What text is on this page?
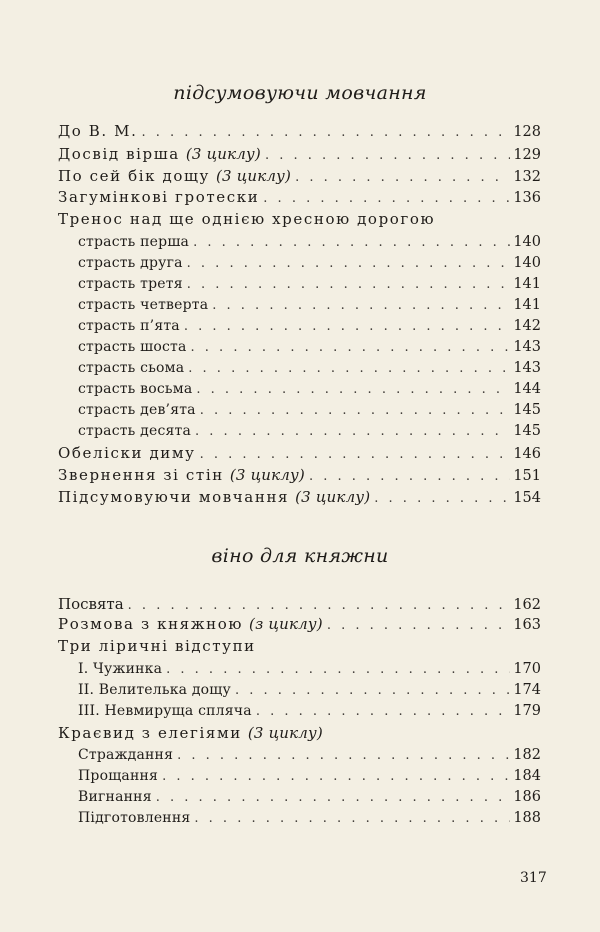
підсумовуючи мовчання
До В. М. . . .	128
Досвід вірша (3 циклу) . . .	129
По сей бік дощу (3 циклу) . . .	132
Загумінкові гротески . . .	136
Тренос над ще однією хресною дорогою
страсть перша . . .	140
страсть друга . . .	140
страсть третя . . .	141
страсть четверта . . .	141
страсть п’ята . . .	142
страсть шоста . . .	143
страсть сьома . . .	143
страсть восьма . . .	144
страсть дев’ята . . .	145
страсть десята . . .	145
Обеліски диму . . .	146
Звернення зі стін (3 циклу) . . .	151
Підсумовуючи мовчання (3 циклу) . . .	154
віно для княжни
Посвята . . .	162
Розмова з княжною (з циклу) . . .	163
Три ліричні відступи
І. Чужинка . . .	170
ІІ. Велителька дощу . . .	174
ІІІ. Невмируща спляча . . .	179
Краєвид з елегіями (3 циклу)
Страждання . . .	182
Прощання . . .	184
Вигнання . . .	186
Підготовлення . . .	188
317
